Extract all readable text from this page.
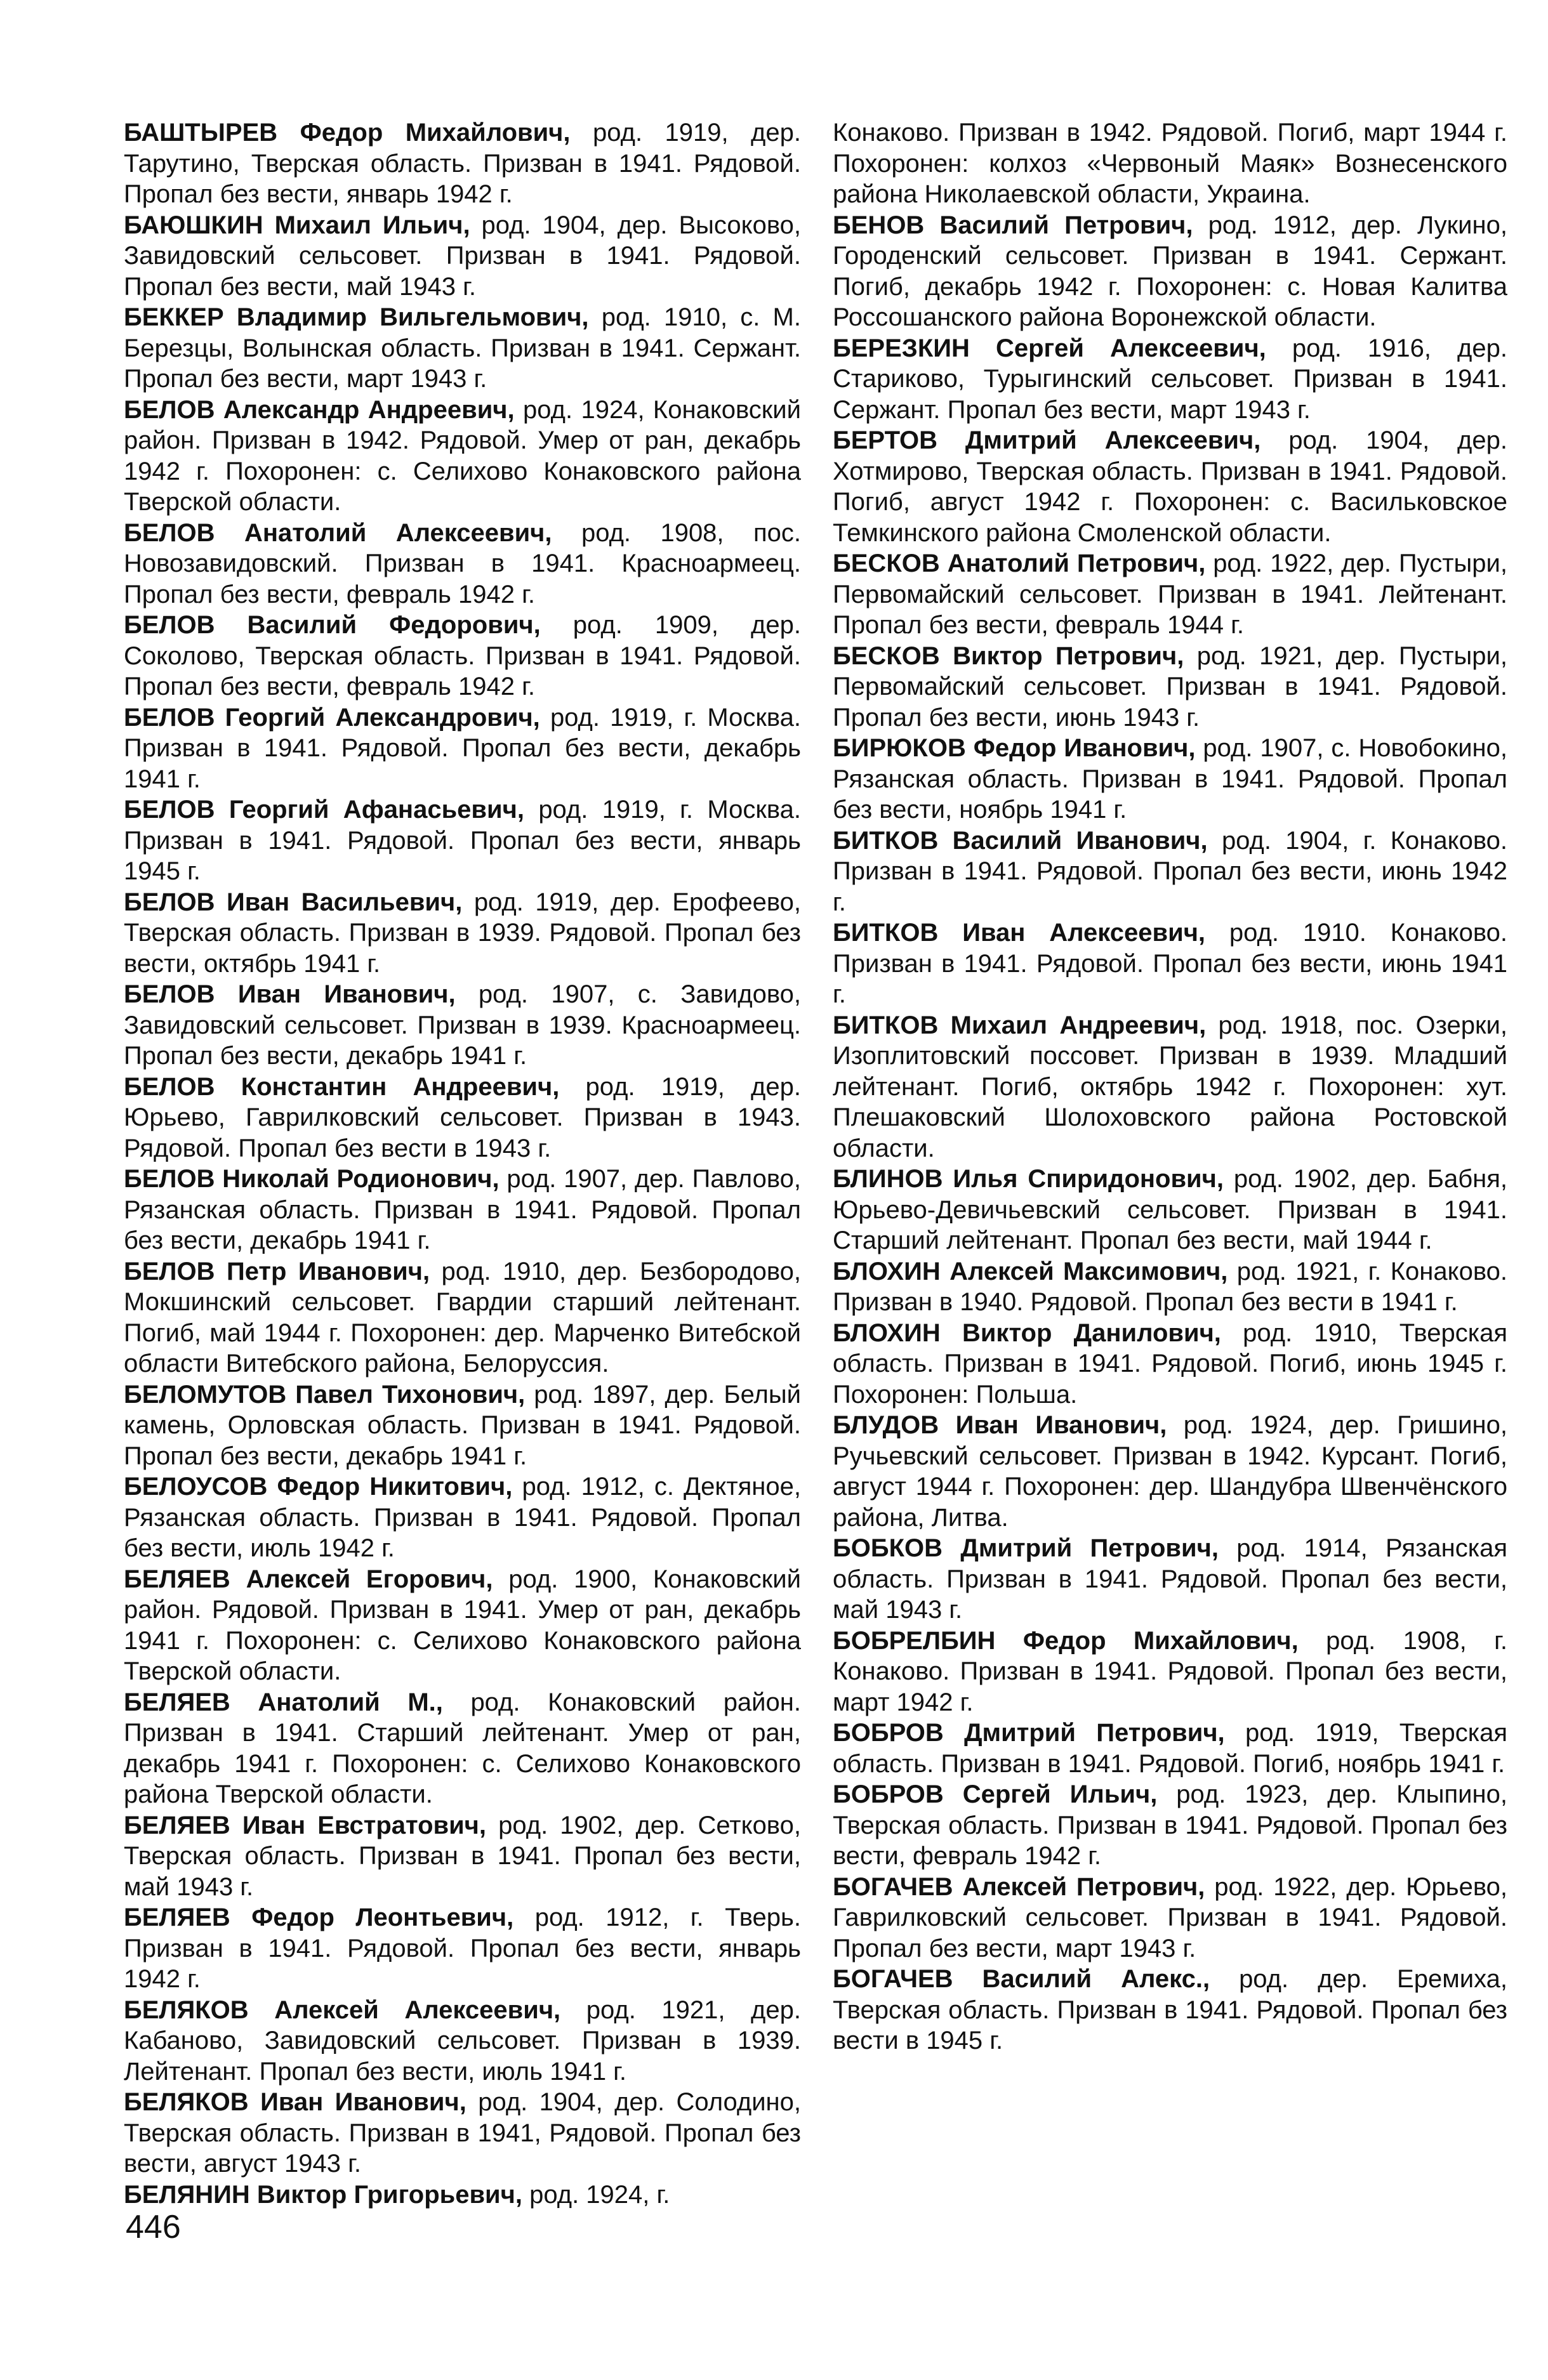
БАШТЫРЕВ Федор Михайлович, род. 1919, дер. Тарутино, Тверская область. Призван в 1941. Рядовой. Пропал без вести, январь 1942 г.

БАЮШКИН Михаил Ильич, род. 1904, дер. Высоково, Завидовский сельсовет. Призван в 1941. Рядовой. Пропал без вести, май 1943 г.

БЕККЕР Владимир Вильгельмович, род. 1910, с. М. Березцы, Волынская область. Призван в 1941. Сержант. Пропал без вести, март 1943 г.

БЕЛОВ Александр Андреевич, род. 1924, Конаковский район. Призван в 1942. Рядовой. Умер от ран, декабрь 1942 г. Похоронен: с. Селихово Конаковского района Тверской области.

БЕЛОВ Анатолий Алексеевич, род. 1908, пос. Новозавидовский. Призван в 1941. Красноармеец. Пропал без вести, февраль 1942 г.

БЕЛОВ Василий Федорович, род. 1909, дер. Соколово, Тверская область. Призван в 1941. Рядовой. Пропал без вести, февраль 1942 г.

БЕЛОВ Георгий Александрович, род. 1919, г. Москва. Призван в 1941. Рядовой. Пропал без вести, декабрь 1941 г.

БЕЛОВ Георгий Афанасьевич, род. 1919, г. Москва. Призван в 1941. Рядовой. Пропал без вести, январь 1945 г.

БЕЛОВ Иван Васильевич, род. 1919, дер. Ерофеево, Тверская область. Призван в 1939. Рядовой. Пропал без вести, октябрь 1941 г.

БЕЛОВ Иван Иванович, род. 1907, с. Завидово, Завидовский сельсовет. Призван в 1939. Красноармеец. Пропал без вести, декабрь 1941 г.

БЕЛОВ Константин Андреевич, род. 1919, дер. Юрьево, Гаврилковский сельсовет. Призван в 1943. Рядовой. Пропал без вести в 1943 г.

БЕЛОВ Николай Родионович, род. 1907, дер. Павлово, Рязанская область. Призван в 1941. Рядовой. Пропал без вести, декабрь 1941 г.

БЕЛОВ Петр Иванович, род. 1910, дер. Безбородово, Мокшинский сельсовет. Гвардии старший лейтенант. Погиб, май 1944 г. Похоронен: дер. Марченко Витебской области Витебского района, Белоруссия.

БЕЛОМУТОВ Павел Тихонович, род. 1897, дер. Белый камень, Орловская область. Призван в 1941. Рядовой. Пропал без вести, декабрь 1941 г.

БЕЛОУСОВ Федор Никитович, род. 1912, с. Дектяное, Рязанская область. Призван в 1941. Рядовой. Пропал без вести, июль 1942 г.

БЕЛЯЕВ Алексей Егорович, род. 1900, Конаковский район. Рядовой. Призван в 1941. Умер от ран, декабрь 1941 г. Похоронен: с. Селихово Конаковского района Тверской области.

БЕЛЯЕВ Анатолий М., род. Конаковский район. Призван в 1941. Старший лейтенант. Умер от ран, декабрь 1941 г. Похоронен: с. Селихово Конаковского района Тверской области.

БЕЛЯЕВ Иван Евстратович, род. 1902, дер. Сетково, Тверская область. Призван в 1941. Пропал без вести, май 1943 г.

БЕЛЯЕВ Федор Леонтьевич, род. 1912, г. Тверь. Призван в 1941. Рядовой. Пропал без вести, январь 1942 г.

БЕЛЯКОВ Алексей Алексеевич, род. 1921, дер. Кабаново, Завидовский сельсовет. Призван в 1939. Лейтенант. Пропал без вести, июль 1941 г.

БЕЛЯКОВ Иван Иванович, род. 1904, дер. Солодино, Тверская область. Призван в 1941, Рядовой. Пропал без вести, август 1943 г.

БЕЛЯНИН Виктор Григорьевич, род. 1924, г.

Конаково. Призван в 1942. Рядовой. Погиб, март 1944 г. Похоронен: колхоз «Червоный Маяк» Вознесенского района Николаевской области, Украина.

БЕНОВ Василий Петрович, род. 1912, дер. Лукино, Городенский сельсовет. Призван в 1941. Сержант. Погиб, декабрь 1942 г. Похоронен: с. Новая Калитва Россошанского района Воронежской области.

БЕРЕЗКИН Сергей Алексеевич, род. 1916, дер. Стариково, Турыгинский сельсовет. Призван в 1941. Сержант. Пропал без вести, март 1943 г.

БЕРТОВ Дмитрий Алексеевич, род. 1904, дер. Хотмирово, Тверская область. Призван в 1941. Рядовой. Погиб, август 1942 г. Похоронен: с. Васильковское Темкинского района Смоленской области.

БЕСКОВ Анатолий Петрович, род. 1922, дер. Пустыри, Первомайский сельсовет. Призван в 1941. Лейтенант. Пропал без вести, февраль 1944 г.

БЕСКОВ Виктор Петрович, род. 1921, дер. Пустыри, Первомайский сельсовет. Призван в 1941. Рядовой. Пропал без вести, июнь 1943 г.

БИРЮКОВ Федор Иванович, род. 1907, с. Новобокино, Рязанская область. Призван в 1941. Рядовой. Пропал без вести, ноябрь 1941 г.

БИТКОВ Василий Иванович, род. 1904, г. Конаково. Призван в 1941. Рядовой. Пропал без вести, июнь 1942 г.

БИТКОВ Иван Алексеевич, род. 1910. Конаково. Призван в 1941. Рядовой. Пропал без вести, июнь 1941 г.

БИТКОВ Михаил Андреевич, род. 1918, пос. Озерки, Изоплитовский поссовет. Призван в 1939. Младший лейтенант. Погиб, октябрь 1942 г. Похоронен: хут. Плешаковский Шолоховского района Ростовской области.

БЛИНОВ Илья Спиридонович, род. 1902, дер. Бабня, Юрьево-Девичьевский сельсовет. Призван в 1941. Старший лейтенант. Пропал без вести, май 1944 г.

БЛОХИН Алексей Максимович, род. 1921, г. Конаково. Призван в 1940. Рядовой. Пропал без вести в 1941 г.

БЛОХИН Виктор Данилович, род. 1910, Тверская область. Призван в 1941. Рядовой. Погиб, июнь 1945 г. Похоронен: Польша.

БЛУДОВ Иван Иванович, род. 1924, дер. Гришино, Ручьевский сельсовет. Призван в 1942. Курсант. Погиб, август 1944 г. Похоронен: дер. Шандубра Швенчёнского района, Литва.

БОБКОВ Дмитрий Петрович, род. 1914, Рязанская область. Призван в 1941. Рядовой. Пропал без вести, май 1943 г.

БОБРЕЛБИН Федор Михайлович, род. 1908, г. Конаково. Призван в 1941. Рядовой. Пропал без вести, март 1942 г.

БОБРОВ Дмитрий Петрович, род. 1919, Тверская область. Призван в 1941. Рядовой. Погиб, ноябрь 1941 г.

БОБРОВ Сергей Ильич, род. 1923, дер. Клыпино, Тверская область. Призван в 1941. Рядовой. Пропал без вести, февраль 1942 г.

БОГАЧЕВ Алексей Петрович, род. 1922, дер. Юрьево, Гаврилковский сельсовет. Призван в 1941. Рядовой. Пропал без вести, март 1943 г.

БОГАЧЕВ Василий Алекс., род. дер. Еремиха, Тверская область. Призван в 1941. Рядовой. Пропал без вести в 1945 г.

446
